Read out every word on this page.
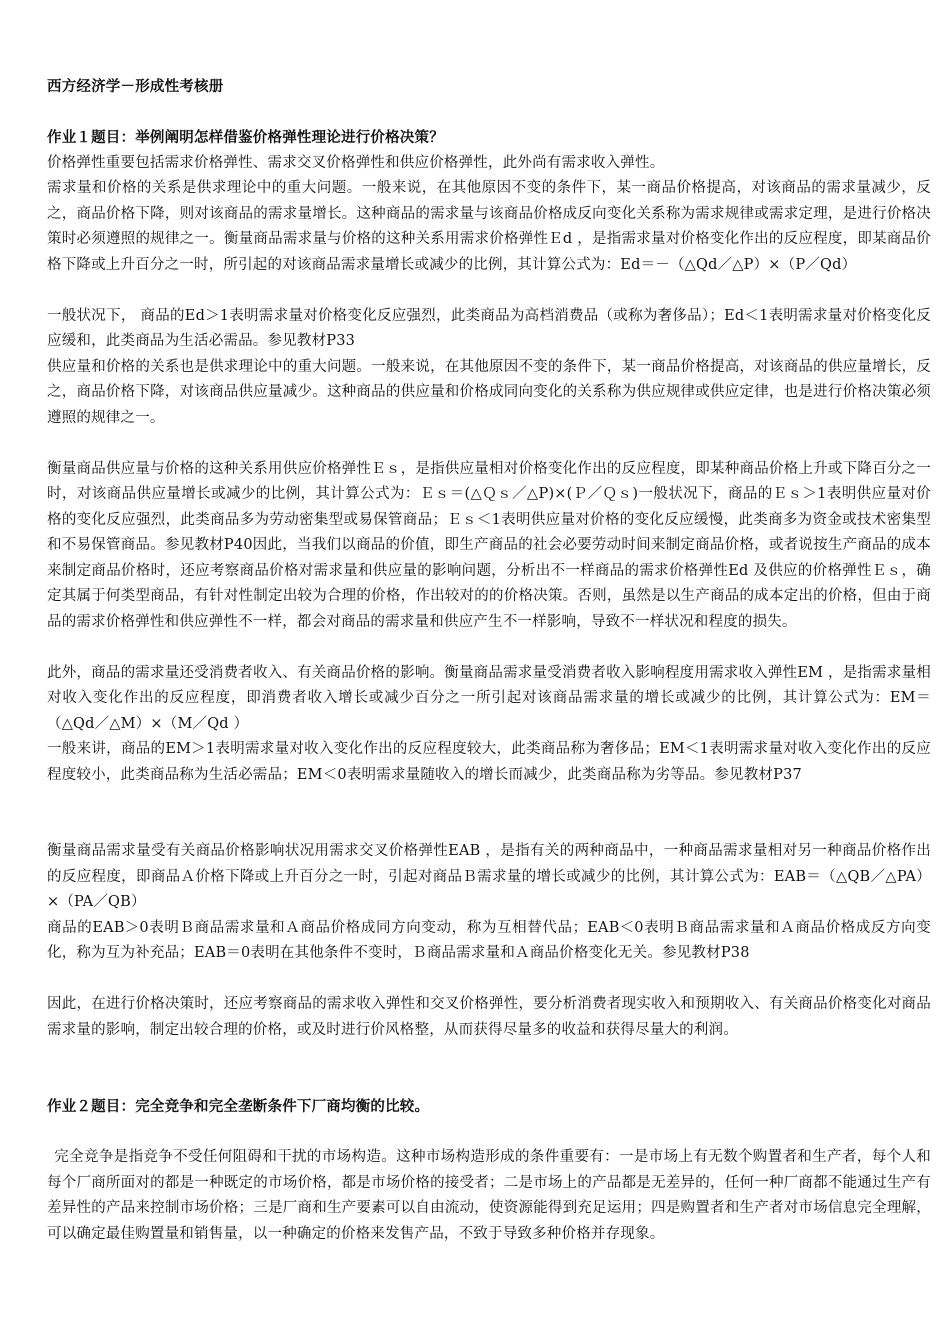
西方经济学－形成性考核册
作业１题目：举例阐明怎样借鉴价格弹性理论进行价格决策？

价格弹性重要包括需求价格弹性、需求交叉价格弹性和供应价格弹性，此外尚有需求收入弹性。

需求量和价格的关系是供求理论中的重大问题。一般来说，在其他原因不变的条件下，某一商品价格提高，对该商品的需求量减少，反之，商品价格下降，则对该商品的需求量增长。这种商品的需求量与该商品价格成反向变化关系称为需求规律或需求定理，是进行价格决策时必须遵照的规律之一。衡量商品需求量与价格的这种关系用需求价格弹性Ｅd ，是指需求量对价格变化作出的反应程度，即某商品价格下降或上升百分之一时，所引起的对该商品需求量增长或减少的比例，其计算公式为：Ed＝－（△Qd／△P）×（P／Qd）

一般状况下， 商品的Ed＞1表明需求量对价格变化反应强烈，此类商品为高档消费品（或称为奢侈品）；Ed＜1表明需求量对价格变化反应缓和，此类商品为生活必需品。参见教材P33

供应量和价格的关系也是供求理论中的重大问题。一般来说，在其他原因不变的条件下，某一商品价格提高，对该商品的供应量增长，反之，商品价格下降，对该商品供应量减少。这种商品的供应量和价格成同向变化的关系称为供应规律或供应定律，也是进行价格决策必须遵照的规律之一。

衡量商品供应量与价格的这种关系用供应价格弹性Ｅｓ，是指供应量相对价格变化作出的反应程度，即某种商品价格上升或下降百分之一时，对该商品供应量增长或减少的比例，其计算公式为：Ｅｓ＝(△Ｑｓ／△P)×(Ｐ／Ｑｓ)一般状况下，商品的Ｅｓ＞1表明供应量对价格的变化反应强烈，此类商品多为劳动密集型或易保管商品；Ｅｓ＜1表明供应量对价格的变化反应缓慢，此类商多为资金或技术密集型和不易保管商品。参见教材P40因此，当我们以商品的价值，即生产商品的社会必要劳动时间来制定商品价格，或者说按生产商品的成本来制定商品价格时，还应考察商品价格对需求量和供应量的影响问题，分析出不一样商品的需求价格弹性Ed 及供应的价格弹性Ｅｓ，确定其属于何类型商品，有针对性制定出较为合理的价格，作出较对的的价格决策。否则，虽然是以生产商品的成本定出的价格，但由于商品的需求价格弹性和供应弹性不一样，都会对商品的需求量和供应产生不一样影响，导致不一样状况和程度的损失。

此外，商品的需求量还受消费者收入、有关商品价格的影响。衡量商品需求量受消费者收入影响程度用需求收入弹性EM ，是指需求量相对收入变化作出的反应程度，即消费者收入增长或减少百分之一所引起对该商品需求量的增长或减少的比例，其计算公式为：EM＝（△Qd／△M）×（M／Qd ）

一般来讲，商品的EM＞1表明需求量对收入变化作出的反应程度较大，此类商品称为奢侈品；EM＜1表明需求量对收入变化作出的反应程度较小，此类商品称为生活必需品；EM＜0表明需求量随收入的增长而减少，此类商品称为劣等品。参见教材P37

衡量商品需求量受有关商品价格影响状况用需求交叉价格弹性EAB ，是指有关的两种商品中，一种商品需求量相对另一种商品价格作出的反应程度，即商品Ａ价格下降或上升百分之一时，引起对商品Ｂ需求量的增长或减少的比例，其计算公式为：EAB＝（△QB／△PA）×（PA／QB）

商品的EAB＞0表明Ｂ商品需求量和Ａ商品价格成同方向变动，称为互相替代品；EAB＜0表明Ｂ商品需求量和Ａ商品价格成反方向变化，称为互为补充品；EAB＝0表明在其他条件不变时，Ｂ商品需求量和Ａ商品价格变化无关。参见教材P38

因此，在进行价格决策时，还应考察商品的需求收入弹性和交叉价格弹性，要分析消费者现实收入和预期收入、有关商品价格变化对商品需求量的影响，制定出较合理的价格，或及时进行价风格整，从而获得尽量多的收益和获得尽量大的利润。

作业２题目：完全竞争和完全垄断条件下厂商均衡的比较。

完全竞争是指竞争不受任何阻碍和干扰的市场构造。这种市场构造形成的条件重要有：一是市场上有无数个购置者和生产者，每个人和每个厂商所面对的都是一种既定的市场价格，都是市场价格的接受者；二是市场上的产品都是无差异的，任何一种厂商都不能通过生产有差异性的产品来控制市场价格；三是厂商和生产要素可以自由流动，使资源能得到充足运用；四是购置者和生产者对市场信息完全理解，可以确定最佳购置量和销售量，以一种确定的价格来发售产品，不致于导致多种价格并存现象。
